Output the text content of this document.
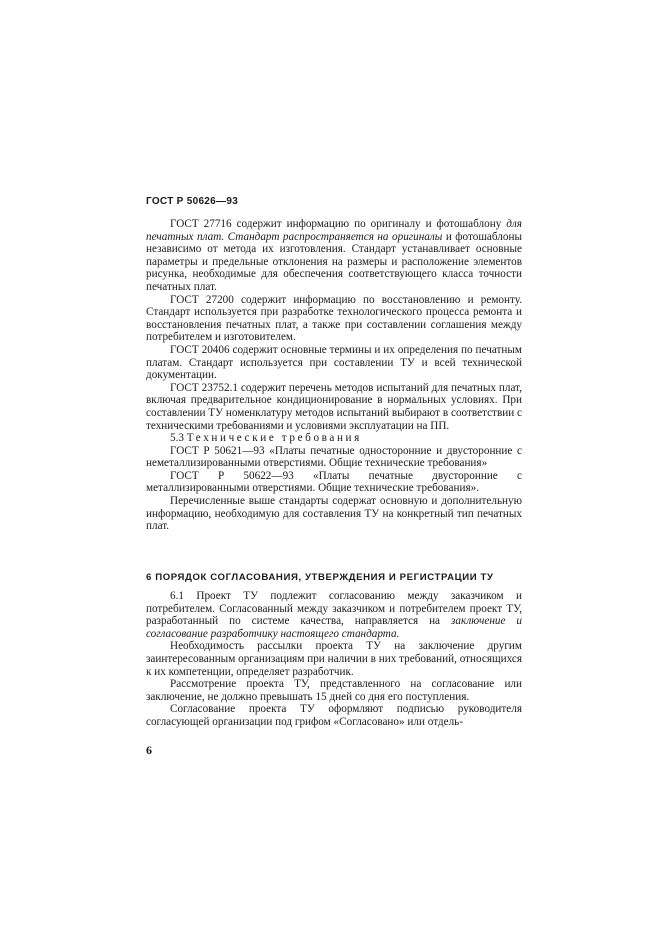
ГОСТ Р 50626—93

ГОСТ 27716 содержит информацию по оригиналу и фотошаблону для печатных плат. Стандарт распространяется на оригиналы и фотошаблоны независимо от метода их изготовления. Стандарт устанавливает основные параметры и предельные отклонения на размеры и расположение элементов рисунка, необходимые для обеспечения соответствующего класса точности печатных плат.

ГОСТ 27200 содержит информацию по восстановлению и ремонту. Стандарт используется при разработке технологического процесса ремонта и восстановления печатных плат, а также при составлении соглашения между потребителем и изготовителем.

ГОСТ 20406 содержит основные термины и их определения по печатным платам. Стандарт используется при составлении ТУ и всей технической документации.

ГОСТ 23752.1 содержит перечень методов испытаний для печатных плат, включая предварительное кондиционирование в нормальных условиях. При составлении ТУ номенклатуру методов испытаний выбирают в соответствии с техническими требованиями и условиями эксплуатации на ПП.

5.3 Технические требования

ГОСТ Р 50621—93 «Платы печатные односторонние и двусторонние с неметаллизированными отверстиями. Общие технические требования»

ГОСТ Р 50622—93 «Платы печатные двусторонние с металлизированными отверстиями. Общие технические требования».

Перечисленные выше стандарты содержат основную и дополнительную информацию, необходимую для составления ТУ на конкретный тип печатных плат.

6 ПОРЯДОК СОГЛАСОВАНИЯ, УТВЕРЖДЕНИЯ И РЕГИСТРАЦИИ ТУ

6.1 Проект ТУ подлежит согласованию между заказчиком и потребителем. Согласованный между заказчиком и потребителем проект ТУ, разработанный по системе качества, направляется на заключение и согласование разработчику настоящего стандарта.

Необходимость рассылки проекта ТУ на заключение другим заинтересованным организациям при наличии в них требований, относящихся к их компетенции, определяет разработчик.

Рассмотрение проекта ТУ, представленного на согласование или заключение, не должно превышать 15 дней со дня его поступления.

Согласование проекта ТУ оформляют подписью руководителя согласующей организации под грифом «Согласовано» или отдель-

6
